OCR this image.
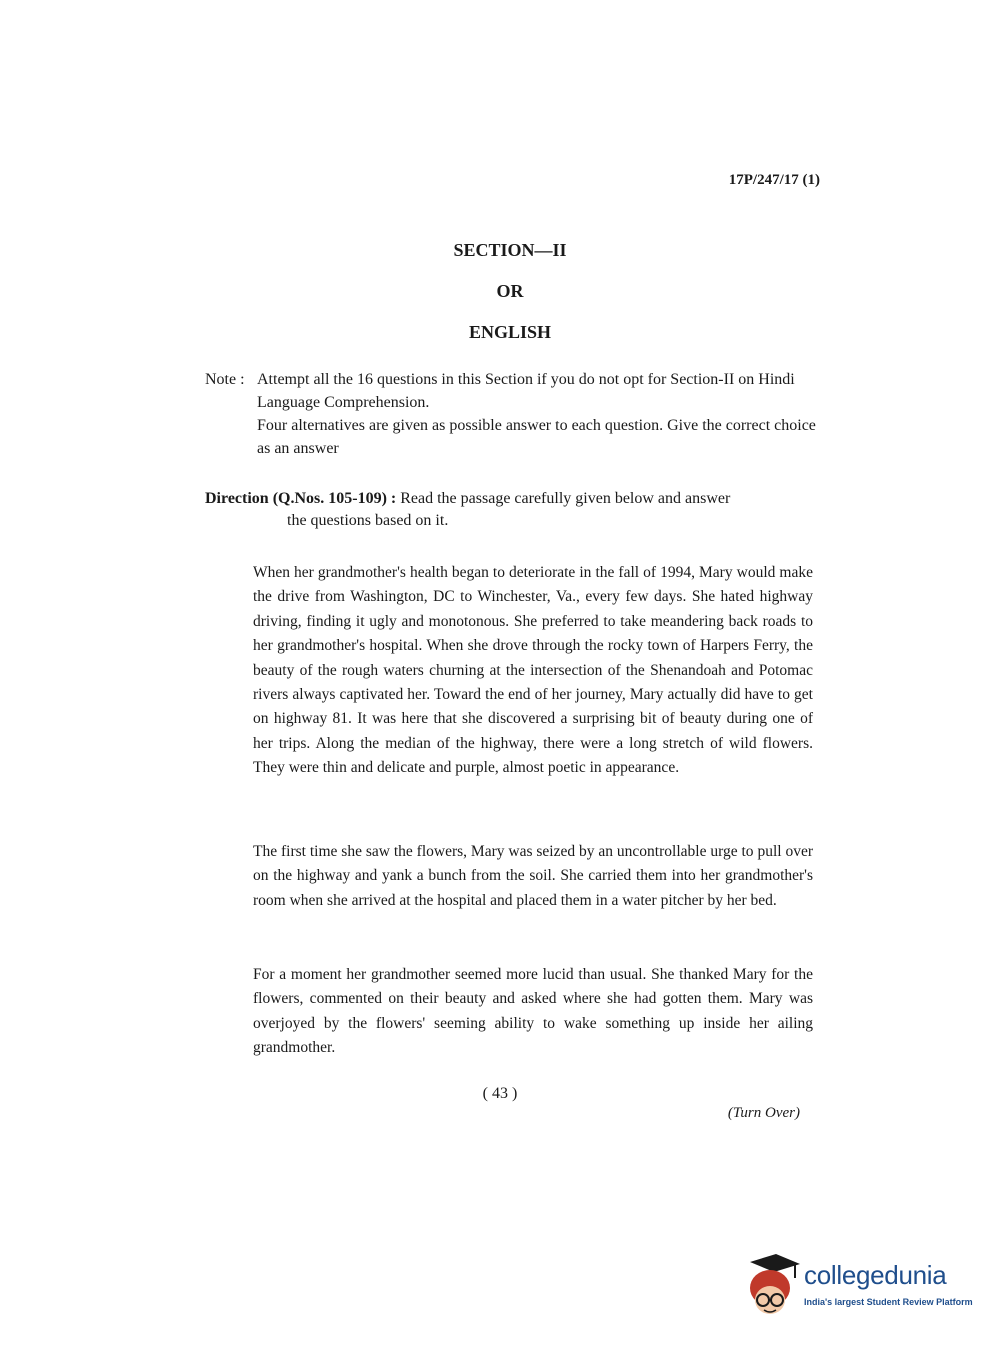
17P/247/17 (1)
SECTION—II
OR
ENGLISH
Note : Attempt all the 16 questions in this Section if you do not opt for Section-II on Hindi Language Comprehension.

Four alternatives are given as possible answer to each question. Give the correct choice as an answer

Direction (Q.Nos. 105-109) : Read the passage carefully given below and answer
the questions based on it.

When her grandmother's health began to deteriorate in the fall of 1994, Mary would make the drive from Washington, DC to Winchester, Va., every few days. She hated highway driving, finding it ugly and monotonous. She preferred to take meandering back roads to her grandmother's hospital. When she drove through the rocky town of Harpers Ferry, the beauty of the rough waters churning at the intersection of the Shenandoah and Potomac rivers always captivated her. Toward the end of her journey, Mary actually did have to get on highway 81. It was here that she discovered a surprising bit of beauty during one of her trips. Along the median of the highway, there were a long stretch of wild flowers. They were thin and delicate and purple, almost poetic in appearance.

The first time she saw the flowers, Mary was seized by an uncontrollable urge to pull over on the highway and yank a bunch from the soil. She carried them into her grandmother's room when she arrived at the hospital and placed them in a water pitcher by her bed.

For a moment her grandmother seemed more lucid than usual. She thanked Mary for the flowers, commented on their beauty and asked where she had gotten them. Mary was overjoyed by the flowers' seeming ability to wake something up inside her ailing grandmother.

( 43 )
(Turn Over)
collegedunia
India's largest Student Review Platform
